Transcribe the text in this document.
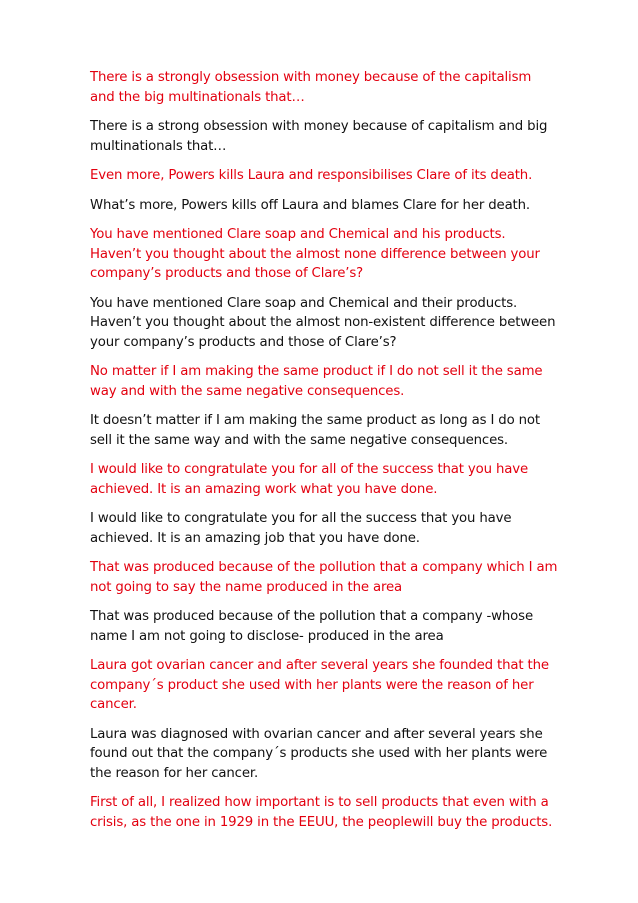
There is a strongly obsession with money because of the capitalism and the big multinationals that…

There is a strong obsession with money because of capitalism and big multinationals that…

Even more, Powers kills Laura and responsibilises Clare of its death.

What’s more, Powers kills off Laura and blames Clare for her death.

You have mentioned Clare soap and Chemical and his products. Haven’t you thought about the almost none difference between your company’s products and those of Clare’s?

You have mentioned Clare soap and Chemical and their products. Haven’t you thought about the almost non-existent difference between your company’s products and those of Clare’s?

No matter if I am making the same product if I do not sell it the same way and with the same negative consequences.

It doesn’t matter if I am making the same product as long as I do not sell it the same way and with the same negative consequences.

I would like to congratulate you for all of the success that you have achieved. It is an amazing work what you have done.

I would like to congratulate you for all the success that you have achieved. It is an amazing job that you have done.

That was produced because of the pollution that a company which I am not going to say the name produced in the area

That was produced because of the pollution that a company -whose name I am not going to disclose- produced in the area

Laura got ovarian cancer and after several years she founded that the company´s product she used with her plants were the reason of her cancer.

Laura was diagnosed with ovarian cancer and after several years she found out that the company´s products she used with her plants were the reason for her cancer.

First of all, I realized how important is to sell products that even with a crisis, as the one in 1929 in the EEUU, the peoplewill buy the products.
